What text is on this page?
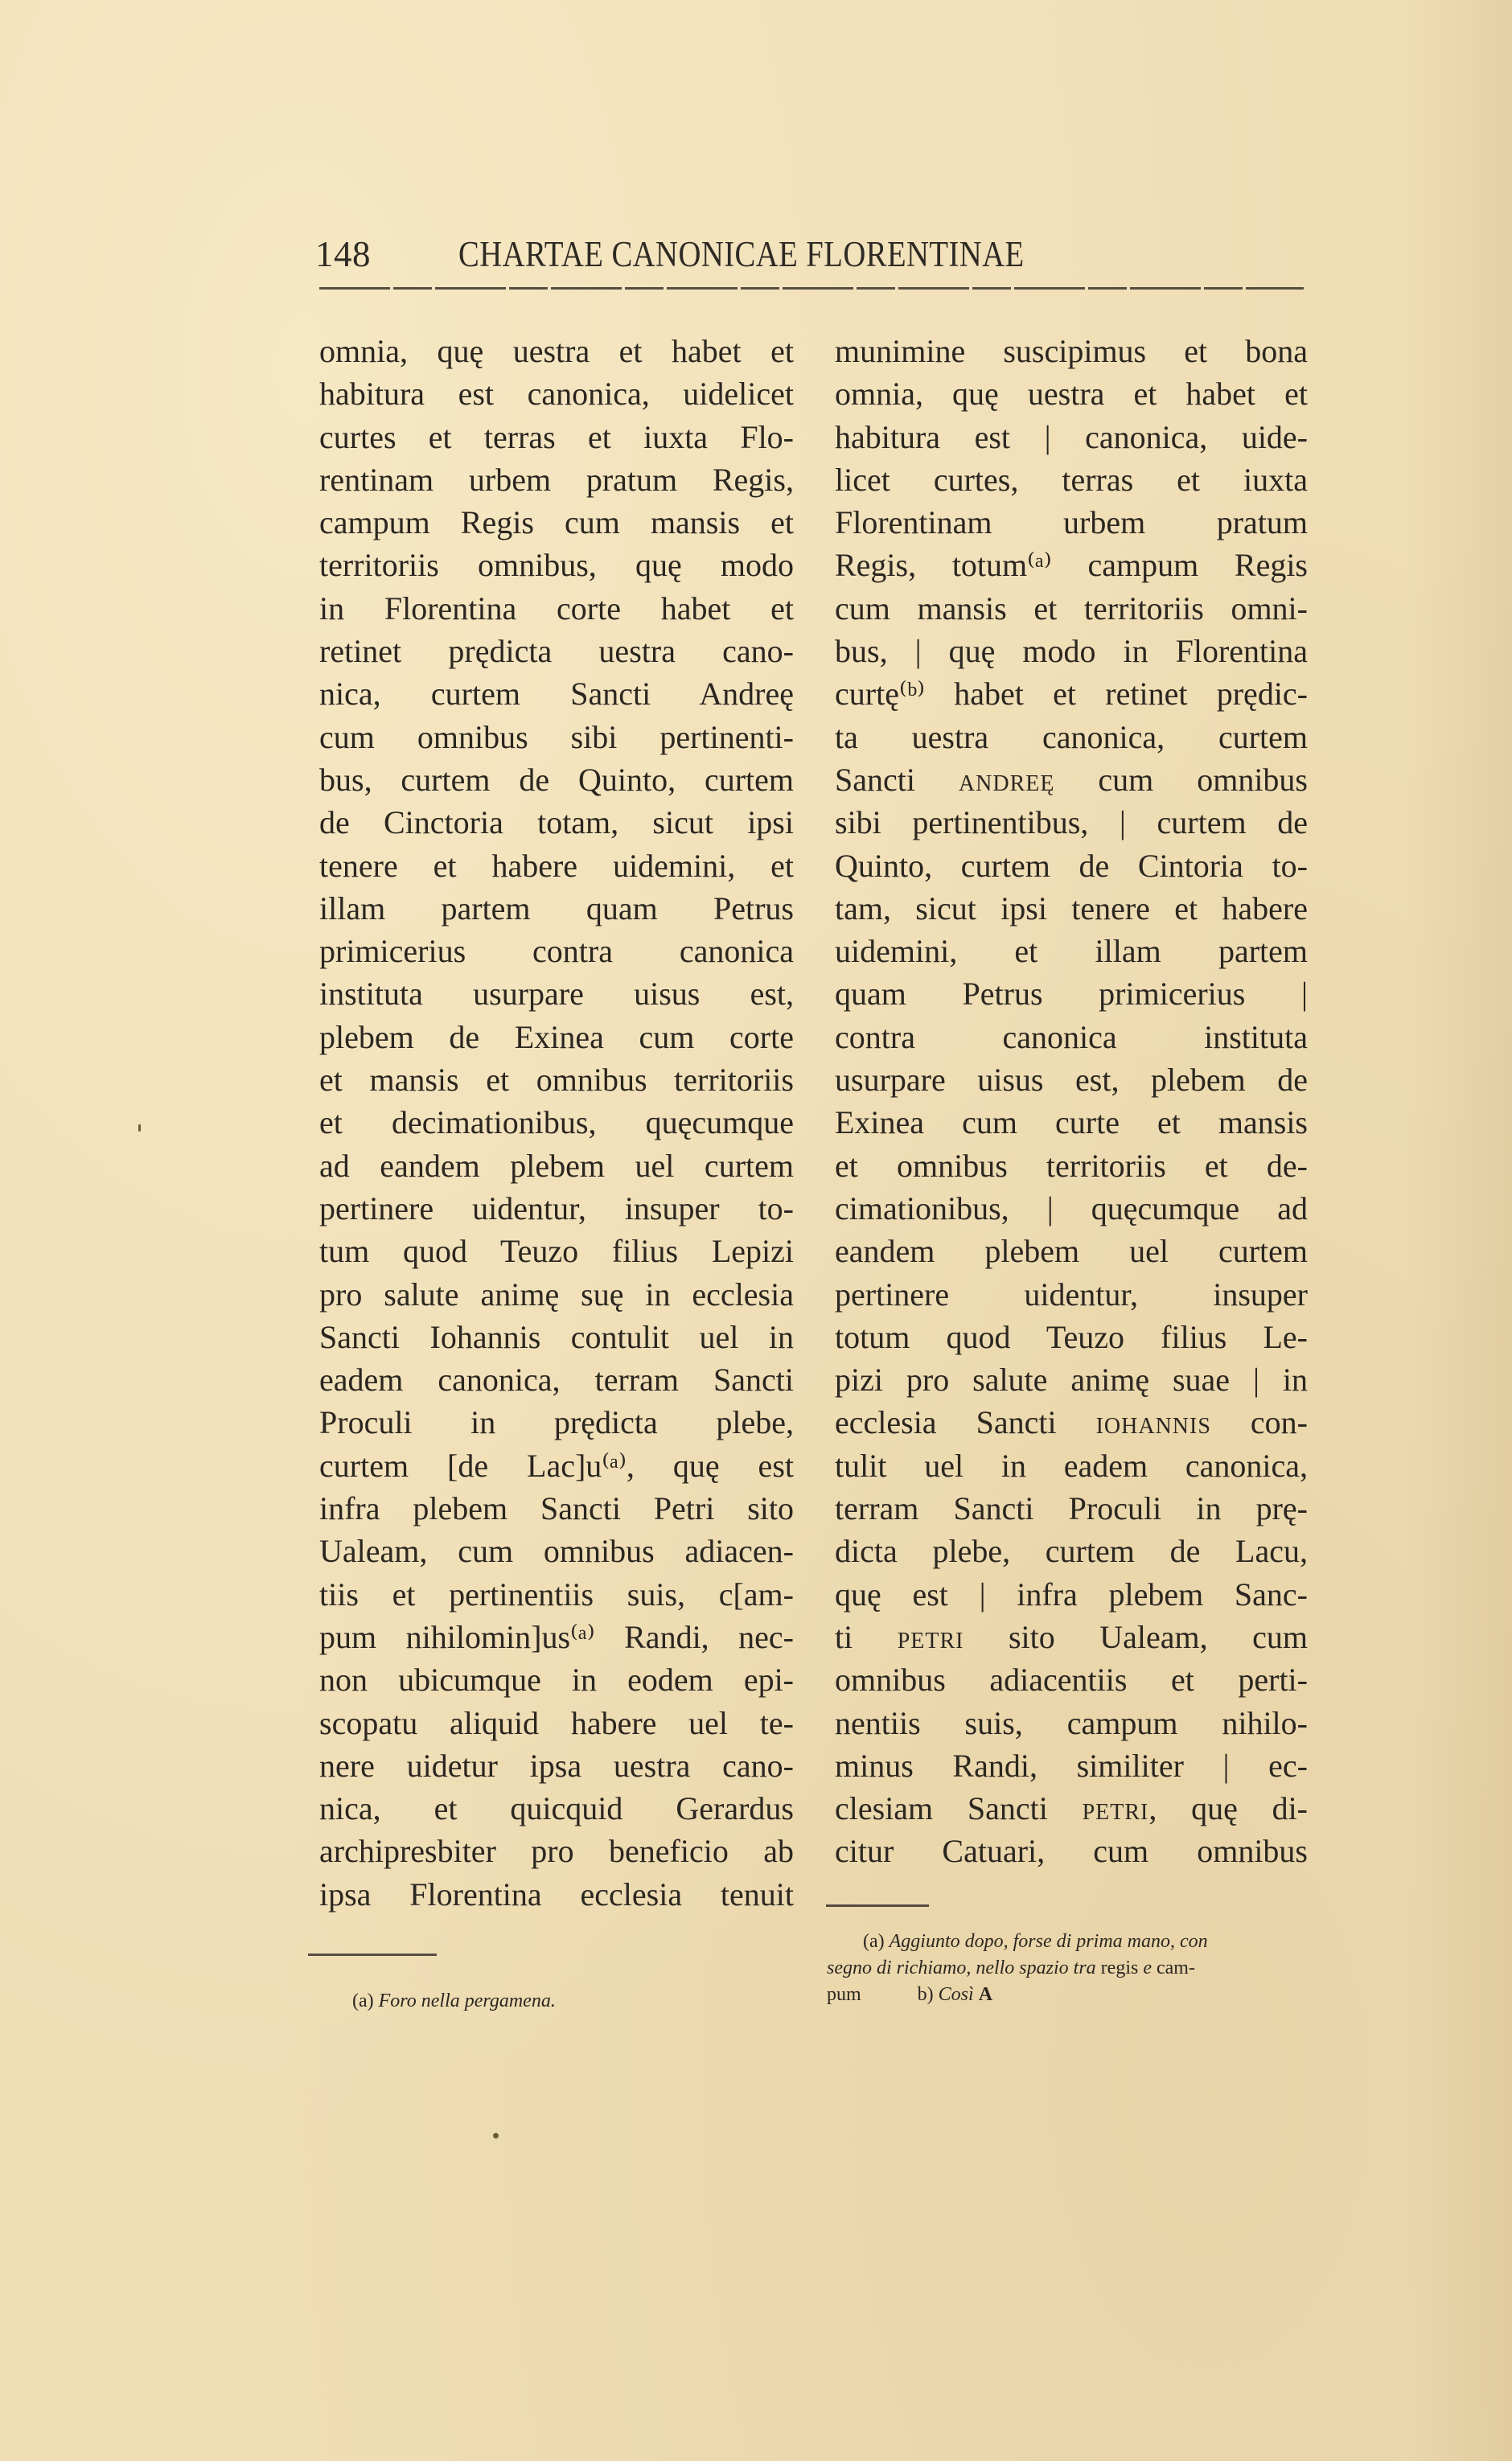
148 CHARTAE CANONICAE FLORENTINAE
omnia, quę uestra et habet et
habitura est canonica, uidelicet
curtes et terras et iuxta Flo-
rentinam urbem pratum Regis,
campum Regis cum mansis et
territoriis omnibus, quę modo
in Florentina corte habet et
retinet prędicta uestra cano-
nica, curtem Sancti Andreę
cum omnibus sibi pertinenti-
bus, curtem de Quinto, curtem
de Cinctoria totam, sicut ipsi
tenere et habere uidemini, et
illam partem quam Petrus
primicerius contra canonica
instituta usurpare uisus est,
plebem de Exinea cum corte
et mansis et omnibus territoriis
et decimationibus, quęcumque
ad eandem plebem uel curtem
pertinere uidentur, insuper to-
tum quod Teuzo filius Lepizi
pro salute animę suę in ecclesia
Sancti Iohannis contulit uel in
eadem canonica, terram Sancti
Proculi in prędicta plebe,
curtem [de Lac]u⁽ᵃ⁾, quę est
infra plebem Sancti Petri sito
Ualeam, cum omnibus adiacen-
tiis et pertinentiis suis, c[am-
pum nihilomin]us⁽ᵃ⁾ Randi, nec-
non ubicumque in eodem epi-
scopatu aliquid habere uel te-
nere uidetur ipsa uestra cano-
nica, et quicquid Gerardus
archipresbiter pro beneficio ab
ipsa Florentina ecclesia tenuit
munimine suscipimus et bona
omnia, quę uestra et habet et
habitura est | canonica, uide-
licet curtes, terras et iuxta
Florentinam urbem pratum
Regis, totum⁽ᵃ⁾ campum Regis
cum mansis et territoriis omni-
bus, | quę modo in Florentina
curtę⁽ᵇ⁾ habet et retinet prędic-
ta uestra canonica, curtem
Sancti andreę cum omnibus
sibi pertinentibus, | curtem de
Quinto, curtem de Cintoria to-
tam, sicut ipsi tenere et habere
uidemini, et illam partem
quam Petrus primicerius |
contra canonica instituta
usurpare uisus est, plebem de
Exinea cum curte et mansis
et omnibus territoriis et de-
cimationibus, | quęcumque ad
eandem plebem uel curtem
pertinere uidentur, insuper
totum quod Teuzo filius Le-
pizi pro salute animę suae | in
ecclesia Sancti iohannis con-
tulit uel in eadem canonica,
terram Sancti Proculi in prę-
dicta plebe, curtem de Lacu,
quę est | infra plebem Sanc-
ti petri sito Ualeam, cum
omnibus adiacentiis et perti-
nentiis suis, campum nihilo-
minus Randi, similiter | ec-
clesiam Sancti petri, quę di-
citur Catuari, cum omnibus
(a) Foro nella pergamena.
(a) Aggiunto dopo, forse di prima mano, con
segno di richiamo, nello spazio tra regis e cam-
pum	b) Così A
